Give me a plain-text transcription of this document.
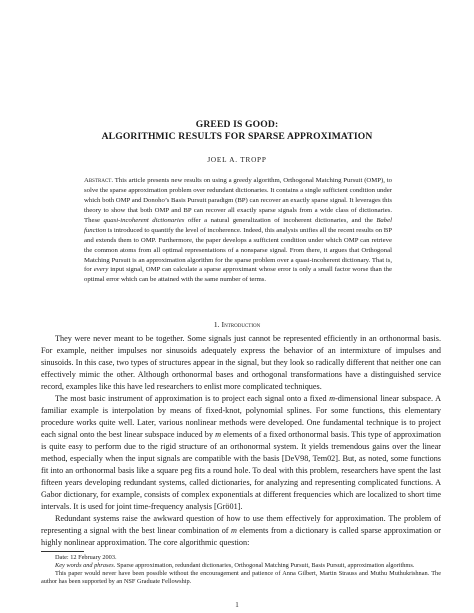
GREED IS GOOD:
ALGORITHMIC RESULTS FOR SPARSE APPROXIMATION
JOEL A. TROPP
Abstract. This article presents new results on using a greedy algorithm, Orthogonal Matching Pursuit (OMP), to solve the sparse approximation problem over redundant dictionaries. It contains a single sufficient condition under which both OMP and Donoho’s Basis Pursuit paradigm (BP) can recover an exactly sparse signal. It leverages this theory to show that both OMP and BP can recover all exactly sparse signals from a wide class of dictionaries. These quasi-incoherent dictionaries offer a natural generalization of incoherent dictionaries, and the Babel function is introduced to quantify the level of incoherence. Indeed, this analysis unifies all the recent results on BP and extends them to OMP. Furthermore, the paper develops a sufficient condition under which OMP can retrieve the common atoms from all optimal representations of a nonsparse signal. From there, it argues that Orthogonal Matching Pursuit is an approximation algorithm for the sparse problem over a quasi-incoherent dictionary. That is, for every input signal, OMP can calculate a sparse approximant whose error is only a small factor worse than the optimal error which can be attained with the same number of terms.
1. Introduction

They were never meant to be together. Some signals just cannot be represented efficiently in an orthonormal basis. For example, neither impulses nor sinusoids adequately express the behavior of an intermixture of impulses and sinusoids. In this case, two types of structures appear in the signal, but they look so radically different that neither one can effectively mimic the other. Although orthonormal bases and orthogonal transformations have a distinguished service record, examples like this have led researchers to enlist more complicated techniques.

The most basic instrument of approximation is to project each signal onto a fixed m-dimensional linear subspace. A familiar example is interpolation by means of fixed-knot, polynomial splines. For some functions, this elementary procedure works quite well. Later, various nonlinear methods were developed. One fundamental technique is to project each signal onto the best linear subspace induced by m elements of a fixed orthonormal basis. This type of approximation is quite easy to perform due to the rigid structure of an orthonormal system. It yields tremendous gains over the linear method, especially when the input signals are compatible with the basis [DeV98, Tem02]. But, as noted, some functions fit into an orthonormal basis like a square peg fits a round hole. To deal with this problem, researchers have spent the last fifteen years developing redundant systems, called dictionaries, for analyzing and representing complicated functions. A Gabor dictionary, for example, consists of complex exponentials at different frequencies which are localized to short time intervals. It is used for joint time-frequency analysis [Grö01].

Redundant systems raise the awkward question of how to use them effectively for approximation. The problem of representing a signal with the best linear combination of m elements from a dictionary is called sparse approximation or highly nonlinear approximation. The core algorithmic question:

Date: 12 February 2003.

Key words and phrases. Sparse approximation, redundant dictionaries, Orthogonal Matching Pursuit, Basis Pursuit, approximation algorithms.

This paper would never have been possible without the encouragement and patience of Anna Gilbert, Martin Strauss and Muthu Muthukrishnan. The author has been supported by an NSF Graduate Fellowship.

1
